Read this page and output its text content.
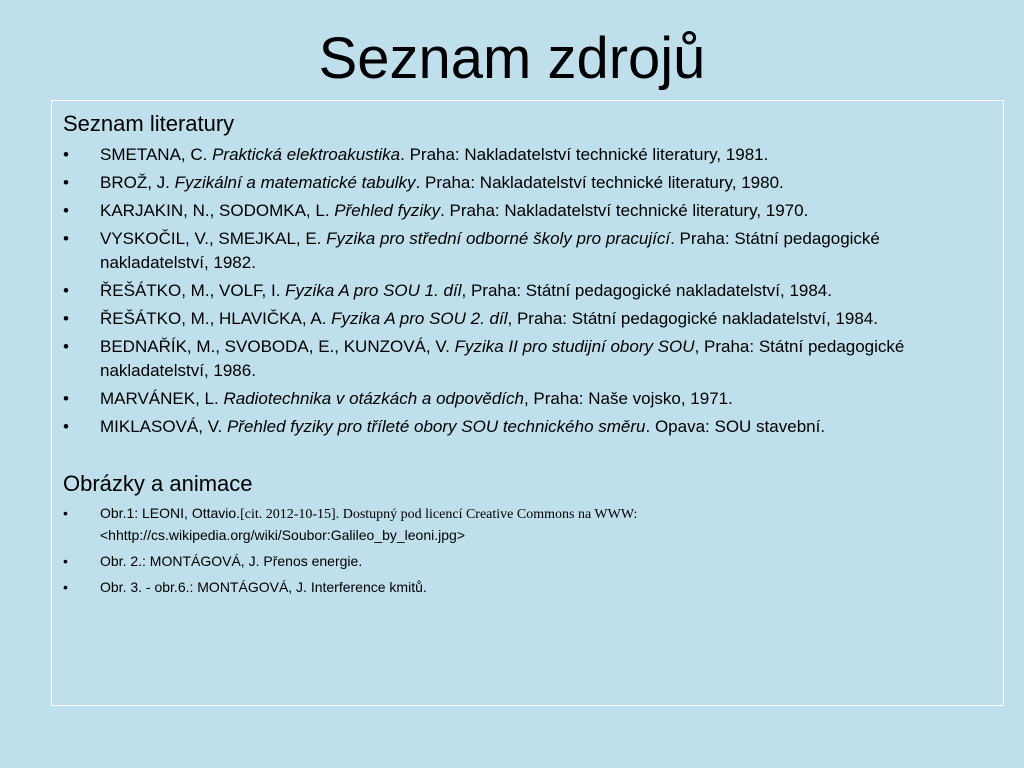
Seznam zdrojů
Seznam literatury
• SMETANA, C. Praktická elektroakustika. Praha: Nakladatelství technické literatury, 1981.
• BROŽ, J. Fyzikální a matematické tabulky. Praha: Nakladatelství technické literatury, 1980.
• KARJAKIN, N., SODOMKA, L. Přehled fyziky. Praha: Nakladatelství technické literatury, 1970.
• VYSKOČIL, V., SMEJKAL, E. Fyzika pro střední odborné školy pro pracující. Praha: Státní pedagogické nakladatelství, 1982.
• ŘEŠÁTKO, M., VOLF, I. Fyzika A pro SOU 1. díl, Praha: Státní pedagogické nakladatelství, 1984.
• ŘEŠÁTKO, M., HLAVIČKA, A. Fyzika A pro SOU 2. díl, Praha: Státní pedagogické nakladatelství, 1984.
• BEDNAŘÍK, M., SVOBODA, E., KUNZOVÁ, V. Fyzika II pro studijní obory SOU, Praha: Státní pedagogické nakladatelství, 1986.
• MARVÁNEK, L. Radiotechnika v otázkách a odpovědích, Praha: Naše vojsko, 1971.
• MIKLASOVÁ, V. Přehled fyziky pro tříleté obory SOU technického směru. Opava: SOU stavební.
Obrázky a animace
• Obr.1: LEONI, Ottavio.[cit. 2012-10-15]. Dostupný pod licencí Creative Commons na WWW:
<hhttp://cs.wikipedia.org/wiki/Soubor:Galileo_by_leoni.jpg>
• Obr. 2.: MONTÁGOVÁ, J. Přenos energie.
• Obr. 3. - obr.6.: MONTÁGOVÁ, J. Interference kmitů.
